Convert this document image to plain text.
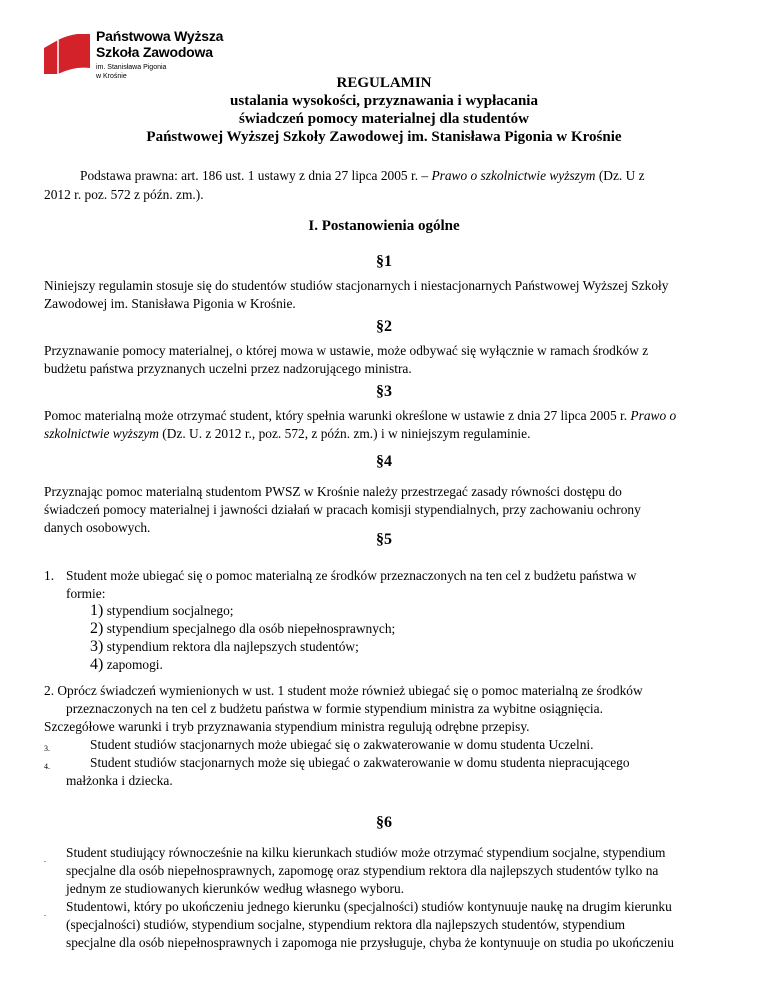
Państwowa Wyższa
Szkoła Zawodowa
im. Stanisława Pigonia
w Krośnie	REGULAMIN
ustalania wysokości, przyznawania i wypłacania
świadczeń pomocy materialnej dla studentów
Państwowej Wyższej Szkoły Zawodowej im. Stanisława Pigonia w Krośnie
Podstawa prawna: art. 186 ust. 1 ustawy z dnia 27 lipca 2005 r. – Prawo o szkolnictwie wyższym (Dz. U z
2012 r. poz. 572 z późn. zm.).
I. Postanowienia ogólne
§1
Niniejszy regulamin stosuje się do studentów studiów stacjonarnych i niestacjonarnych Państwowej Wyższej Szkoły
Zawodowej im. Stanisława Pigonia w Krośnie.
§2
Przyznawanie pomocy materialnej, o której mowa w ustawie, może odbywać się wyłącznie w ramach środków z
budżetu państwa przyznanych uczelni przez nadzorującego ministra.
§3
Pomoc materialną może otrzymać student, który spełnia warunki określone w ustawie z dnia 27 lipca 2005 r. Prawo o
szkolnictwie wyższym (Dz. U. z 2012 r., poz. 572, z późn. zm.) i w niniejszym regulaminie.
§4
Przyznając pomoc materialną studentom PWSZ w Krośnie należy przestrzegać zasady równości dostępu do
świadczeń pomocy materialnej i jawności działań w pracach komisji stypendialnych, przy zachowaniu ochrony
danych osobowych.
§5
1. Student może ubiegać się o pomoc materialną ze środków przeznaczonych na ten cel z budżetu państwa w
formie:
1) stypendium socjalnego;
2) stypendium specjalnego dla osób niepełnosprawnych;
3) stypendium rektora dla najlepszych studentów;
4) zapomogi.
2. Oprócz świadczeń wymienionych w ust. 1 student może również ubiegać się o pomoc materialną ze środków
przeznaczonych na ten cel z budżetu państwa w formie stypendium ministra za wybitne osiągnięcia.
Szczegółowe warunki i tryb przyznawania stypendium ministra regulują odrębne przepisy.
3.	Student studiów stacjonarnych może ubiegać się o zakwaterowanie w domu studenta Uczelni.
4.	Student studiów stacjonarnych może się ubiegać o zakwaterowanie w domu studenta niepracującego
małżonka i dziecka.
§6
. Student studiujący równocześnie na kilku kierunkach studiów może otrzymać stypendium socjalne, stypendium
specjalne dla osób niepełnosprawnych, zapomogę oraz stypendium rektora dla najlepszych studentów tylko na
jednym ze studiowanych kierunków według własnego wyboru.
. Studentowi, który po ukończeniu jednego kierunku (specjalności) studiów kontynuuje naukę na drugim kierunku
(specjalności) studiów, stypendium socjalne, stypendium rektora dla najlepszych studentów, stypendium
specjalne dla osób niepełnosprawnych i zapomoga nie przysługuje, chyba że kontynuuje on studia po ukończeniu
